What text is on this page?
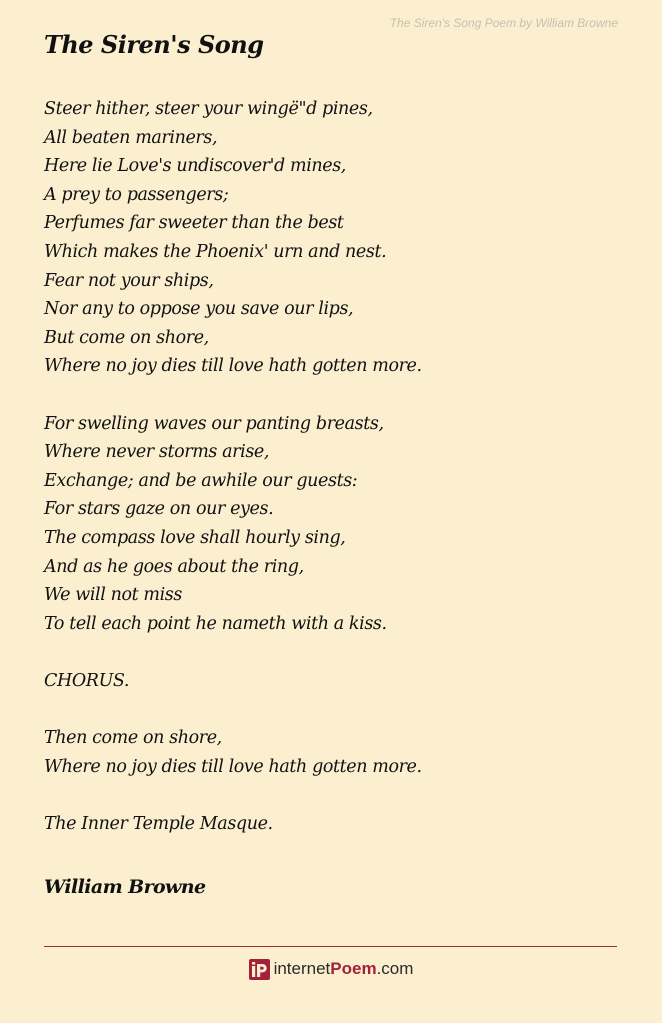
The Siren's Song Poem by William Browne
The Siren's Song
Steer hither, steer your wingë"d pines,
All beaten mariners,
Here lie Love's undiscover'd mines,
A prey to passengers;
Perfumes far sweeter than the best
Which makes the Phoenix' urn and nest.
Fear not your ships,
Nor any to oppose you save our lips,
But come on shore,
Where no joy dies till love hath gotten more.
For swelling waves our panting breasts,
Where never storms arise,
Exchange; and be awhile our guests:
For stars gaze on our eyes.
The compass love shall hourly sing,
And as he goes about the ring,
We will not miss
To tell each point he nameth with a kiss.
CHORUS.
Then come on shore,
Where no joy dies till love hath gotten more.
The Inner Temple Masque.
William Browne
internet Poem .com
